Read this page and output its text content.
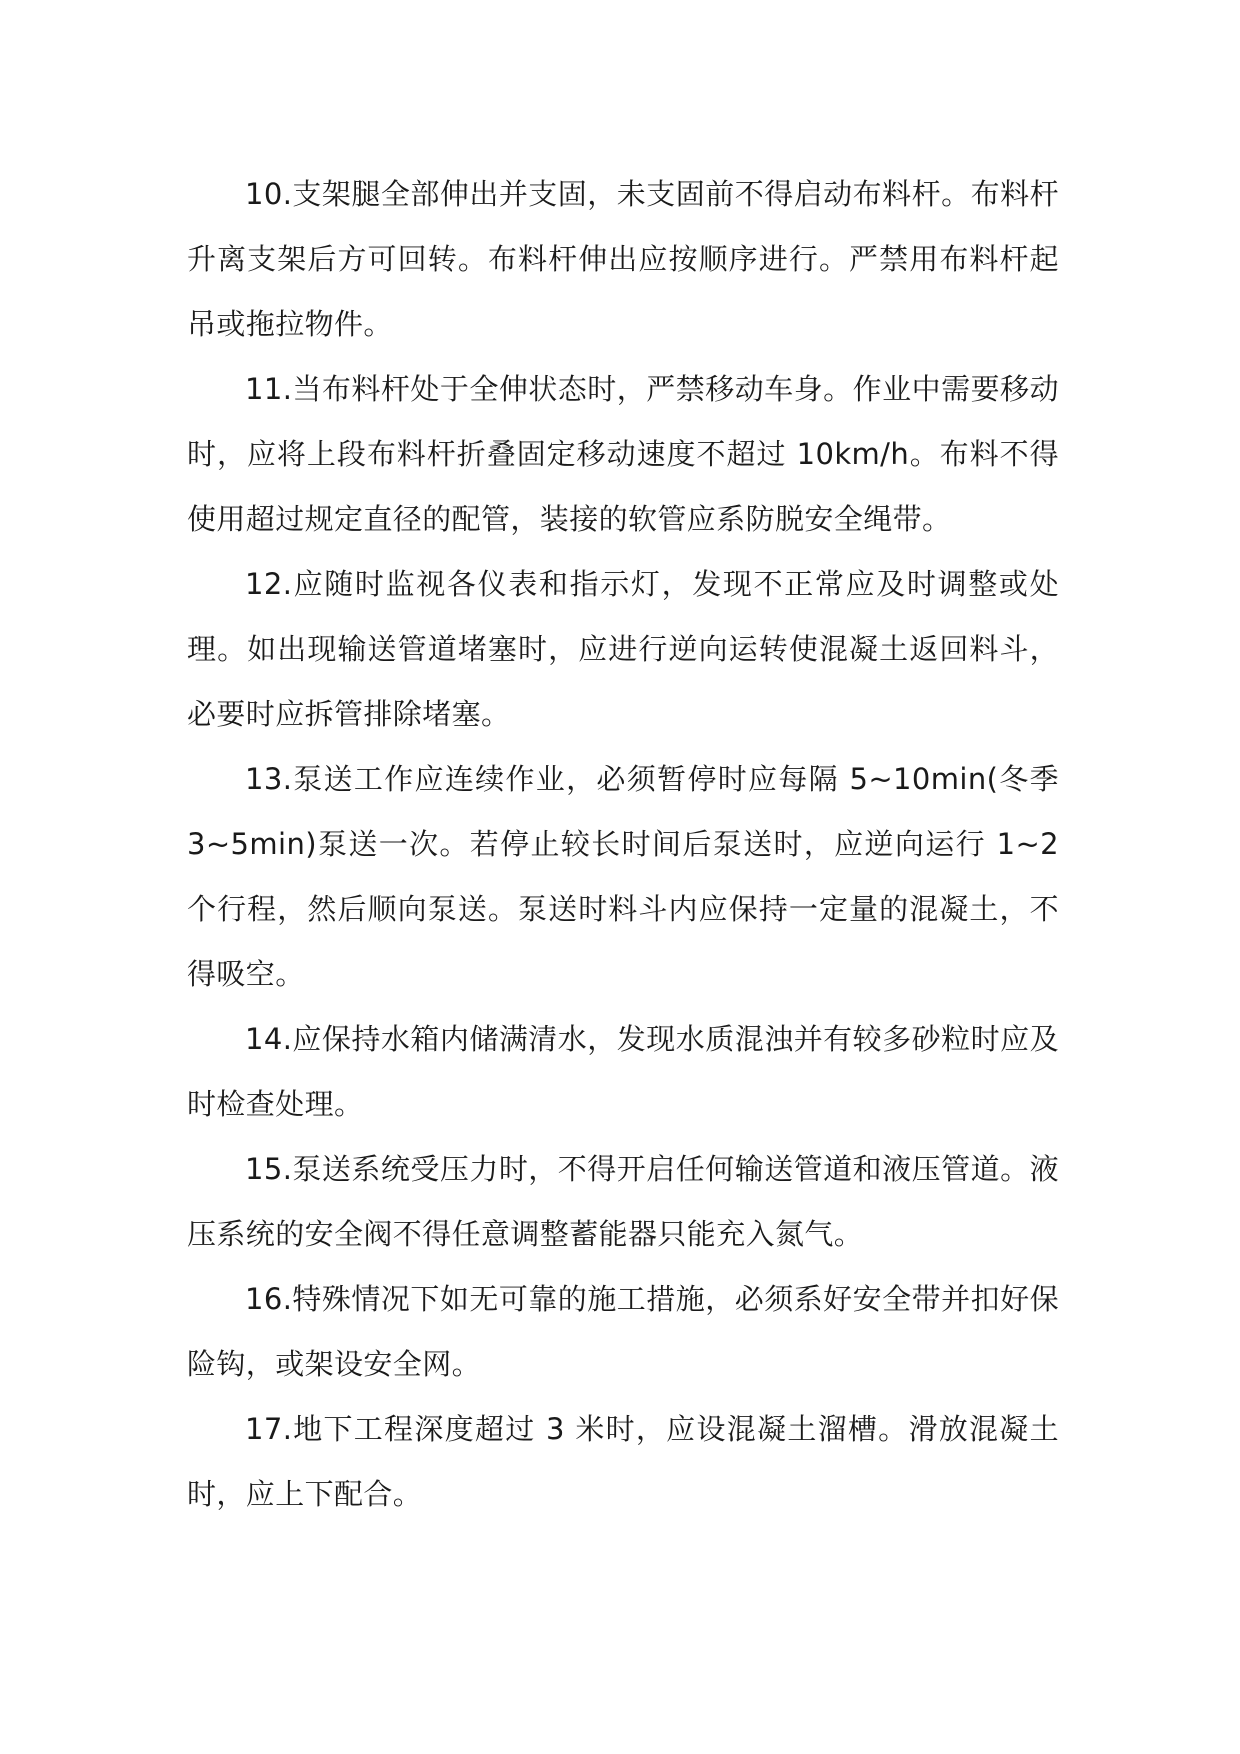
10.支架腿全部伸出并支固，未支固前不得启动布料杆。布料杆升离支架后方可回转。布料杆伸出应按顺序进行。严禁用布料杆起吊或拖拉物件。

11.当布料杆处于全伸状态时，严禁移动车身。作业中需要移动时，应将上段布料杆折叠固定移动速度不超过 10km/h。布料不得使用超过规定直径的配管，装接的软管应系防脱安全绳带。

12.应随时监视各仪表和指示灯，发现不正常应及时调整或处理。如出现输送管道堵塞时，应进行逆向运转使混凝土返回料斗，必要时应拆管排除堵塞。

13.泵送工作应连续作业，必须暂停时应每隔 5~10min(冬季 3~5min)泵送一次。若停止较长时间后泵送时，应逆向运行 1~2 个行程，然后顺向泵送。泵送时料斗内应保持一定量的混凝土，不得吸空。

14.应保持水箱内储满清水，发现水质混浊并有较多砂粒时应及时检查处理。

15.泵送系统受压力时，不得开启任何输送管道和液压管道。液压系统的安全阀不得任意调整蓄能器只能充入氮气。

16.特殊情况下如无可靠的施工措施，必须系好安全带并扣好保险钩，或架设安全网。

17.地下工程深度超过 3 米时，应设混凝土溜槽。滑放混凝土时，应上下配合。
